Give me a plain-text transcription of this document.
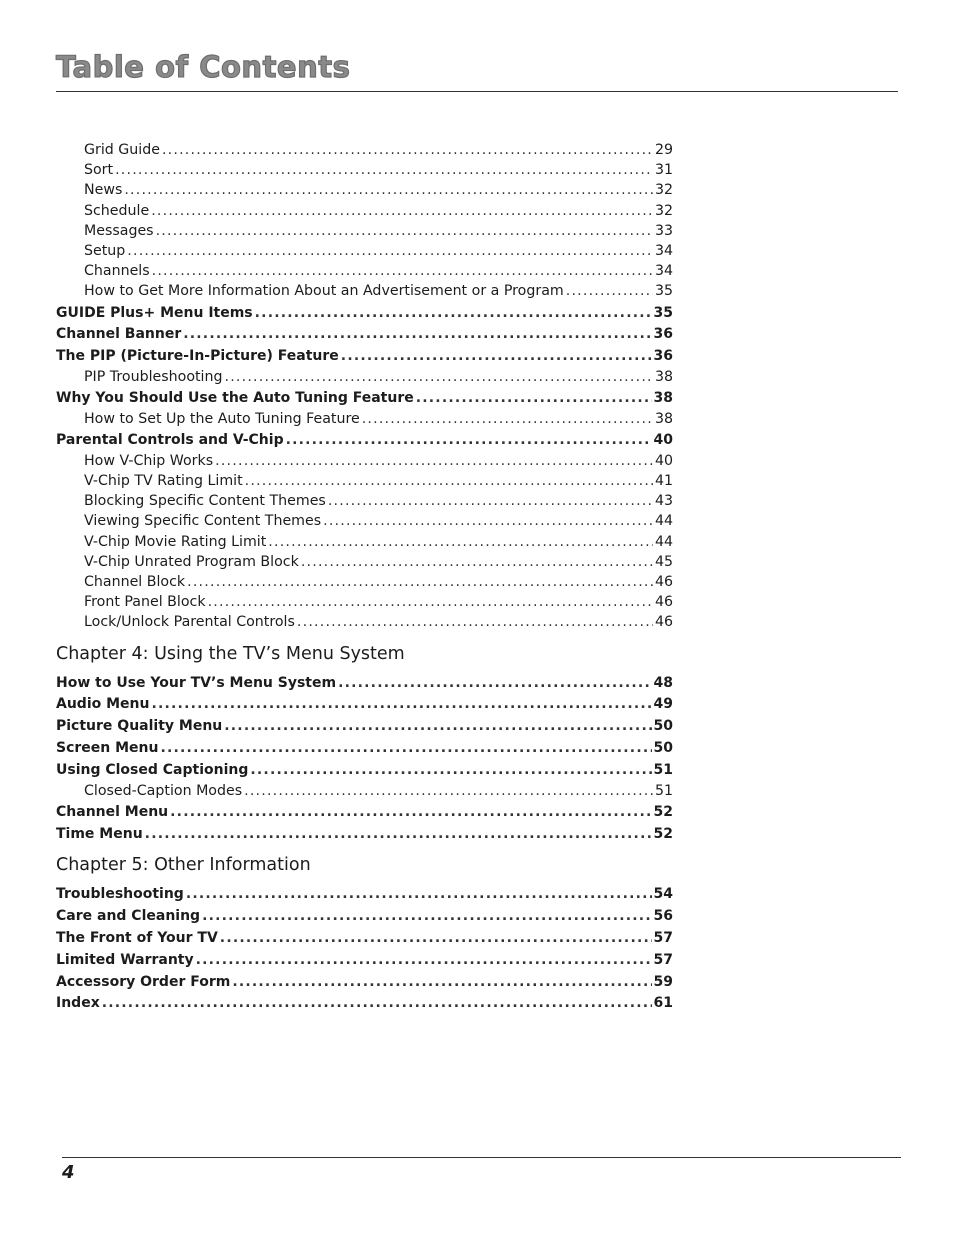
Table of Contents
Grid Guide .....	29
Sort .....	31
News .....	32
Schedule .....	32
Messages .....	33
Setup .....	34
Channels .....	34
How to Get More Information About an Advertisement or a Program .....	35
GUIDE Plus+ Menu Items .....	35
Channel Banner .....	36
The PIP (Picture-In-Picture) Feature .....	36
PIP Troubleshooting .....	38
Why You Should Use the Auto Tuning Feature .....	38
How to Set Up the Auto Tuning Feature .....	38
Parental Controls and V-Chip .....	40
How V-Chip Works .....	40
V-Chip TV Rating Limit .....	41
Blocking Specific Content Themes .....	43
Viewing Specific Content Themes .....	44
V-Chip Movie Rating Limit .....	44
V-Chip Unrated Program Block .....	45
Channel Block .....	46
Front Panel Block .....	46
Lock/Unlock Parental Controls .....	46
Chapter 4: Using the TV’s Menu System
How to Use Your TV’s Menu System .....	48
Audio Menu .....	49
Picture Quality Menu .....	50
Screen Menu .....	50
Using Closed Captioning .....	51
Closed-Caption Modes .....	51
Channel Menu .....	52
Time Menu .....	52
Chapter 5: Other Information
Troubleshooting .....	54
Care and Cleaning .....	56
The Front of Your TV .....	57
Limited Warranty .....	57
Accessory Order Form .....	59
Index .....	61
4
